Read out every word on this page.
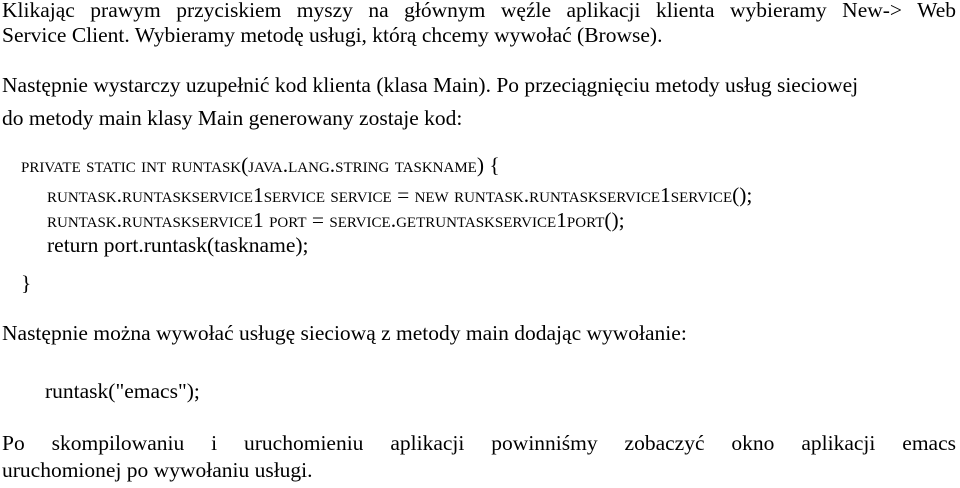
Klikając prawym przyciskiem myszy na głównym węźle aplikacji klienta wybieramy New-> Web
Service Client. Wybieramy metodę usługi, którą chcemy wywołać (Browse).
Następnie wystarczy uzupełnić kod klienta (klasa Main). Po przeciągnięciu metody usług sieciowej
do metody main klasy Main generowany zostaje kod:
private static int runtask(java.lang.string taskname) {
runtask.runtaskservice1service service = new runtask.runtaskservice1service();
runtask.runtaskservice1 port = service.getruntaskservice1port();
return port.runtask(taskname);
}
Następnie można wywołać usługę sieciową z metody main dodając wywołanie:
runtask("emacs");
Po skompilowaniu i uruchomieniu aplikacji powinniśmy zobaczyć okno aplikacji emacs
uruchomionej po wywołaniu usługi.
